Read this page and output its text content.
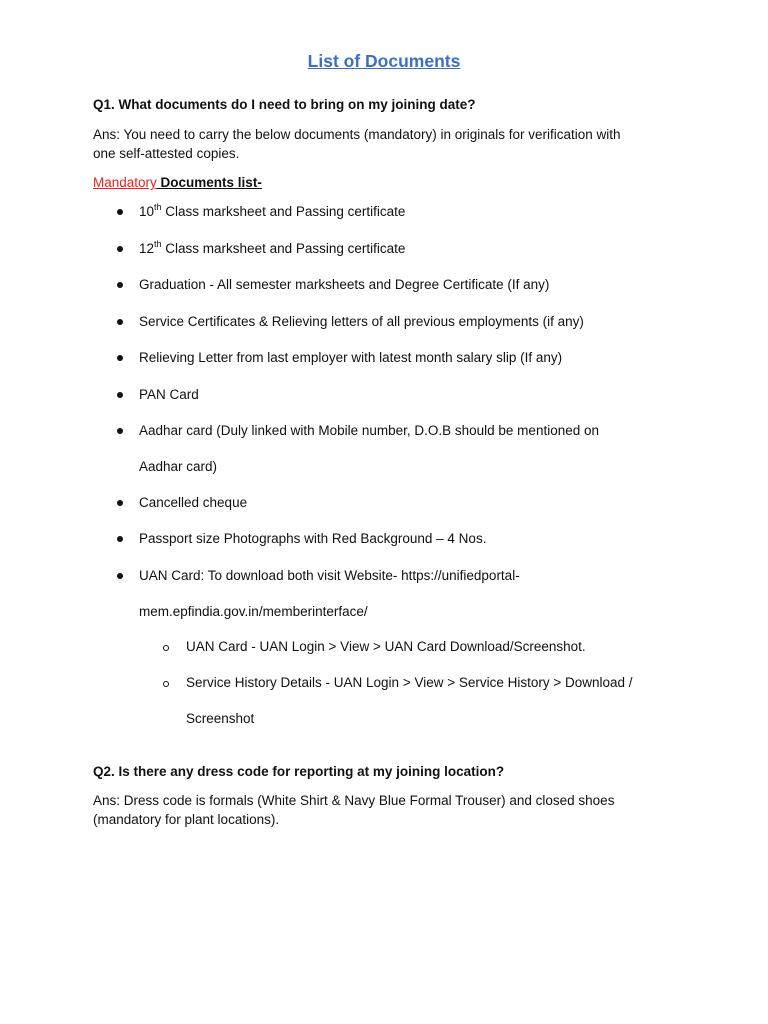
List of Documents
Q1. What documents do I need to bring on my joining date?
Ans: You need to carry the below documents (mandatory) in originals for verification with
one self-attested copies.
Mandatory Documents list-
10th Class marksheet and Passing certificate
12th Class marksheet and Passing certificate
Graduation - All semester marksheets and Degree Certificate (If any)
Service Certificates & Relieving letters of all previous employments (if any)
Relieving Letter from last employer with latest month salary slip (If any)
PAN Card
Aadhar card (Duly linked with Mobile number, D.O.B should be mentioned on
Aadhar card)
Cancelled cheque
Passport size Photographs with Red Background – 4 Nos.
UAN Card: To download both visit Website- https://unifiedportal-
mem.epfindia.gov.in/memberinterface/
UAN Card - UAN Login > View > UAN Card Download/Screenshot.
Service History Details - UAN Login > View > Service History > Download /
Screenshot
Q2. Is there any dress code for reporting at my joining location?
Ans: Dress code is formals (White Shirt & Navy Blue Formal Trouser) and closed shoes
(mandatory for plant locations).
